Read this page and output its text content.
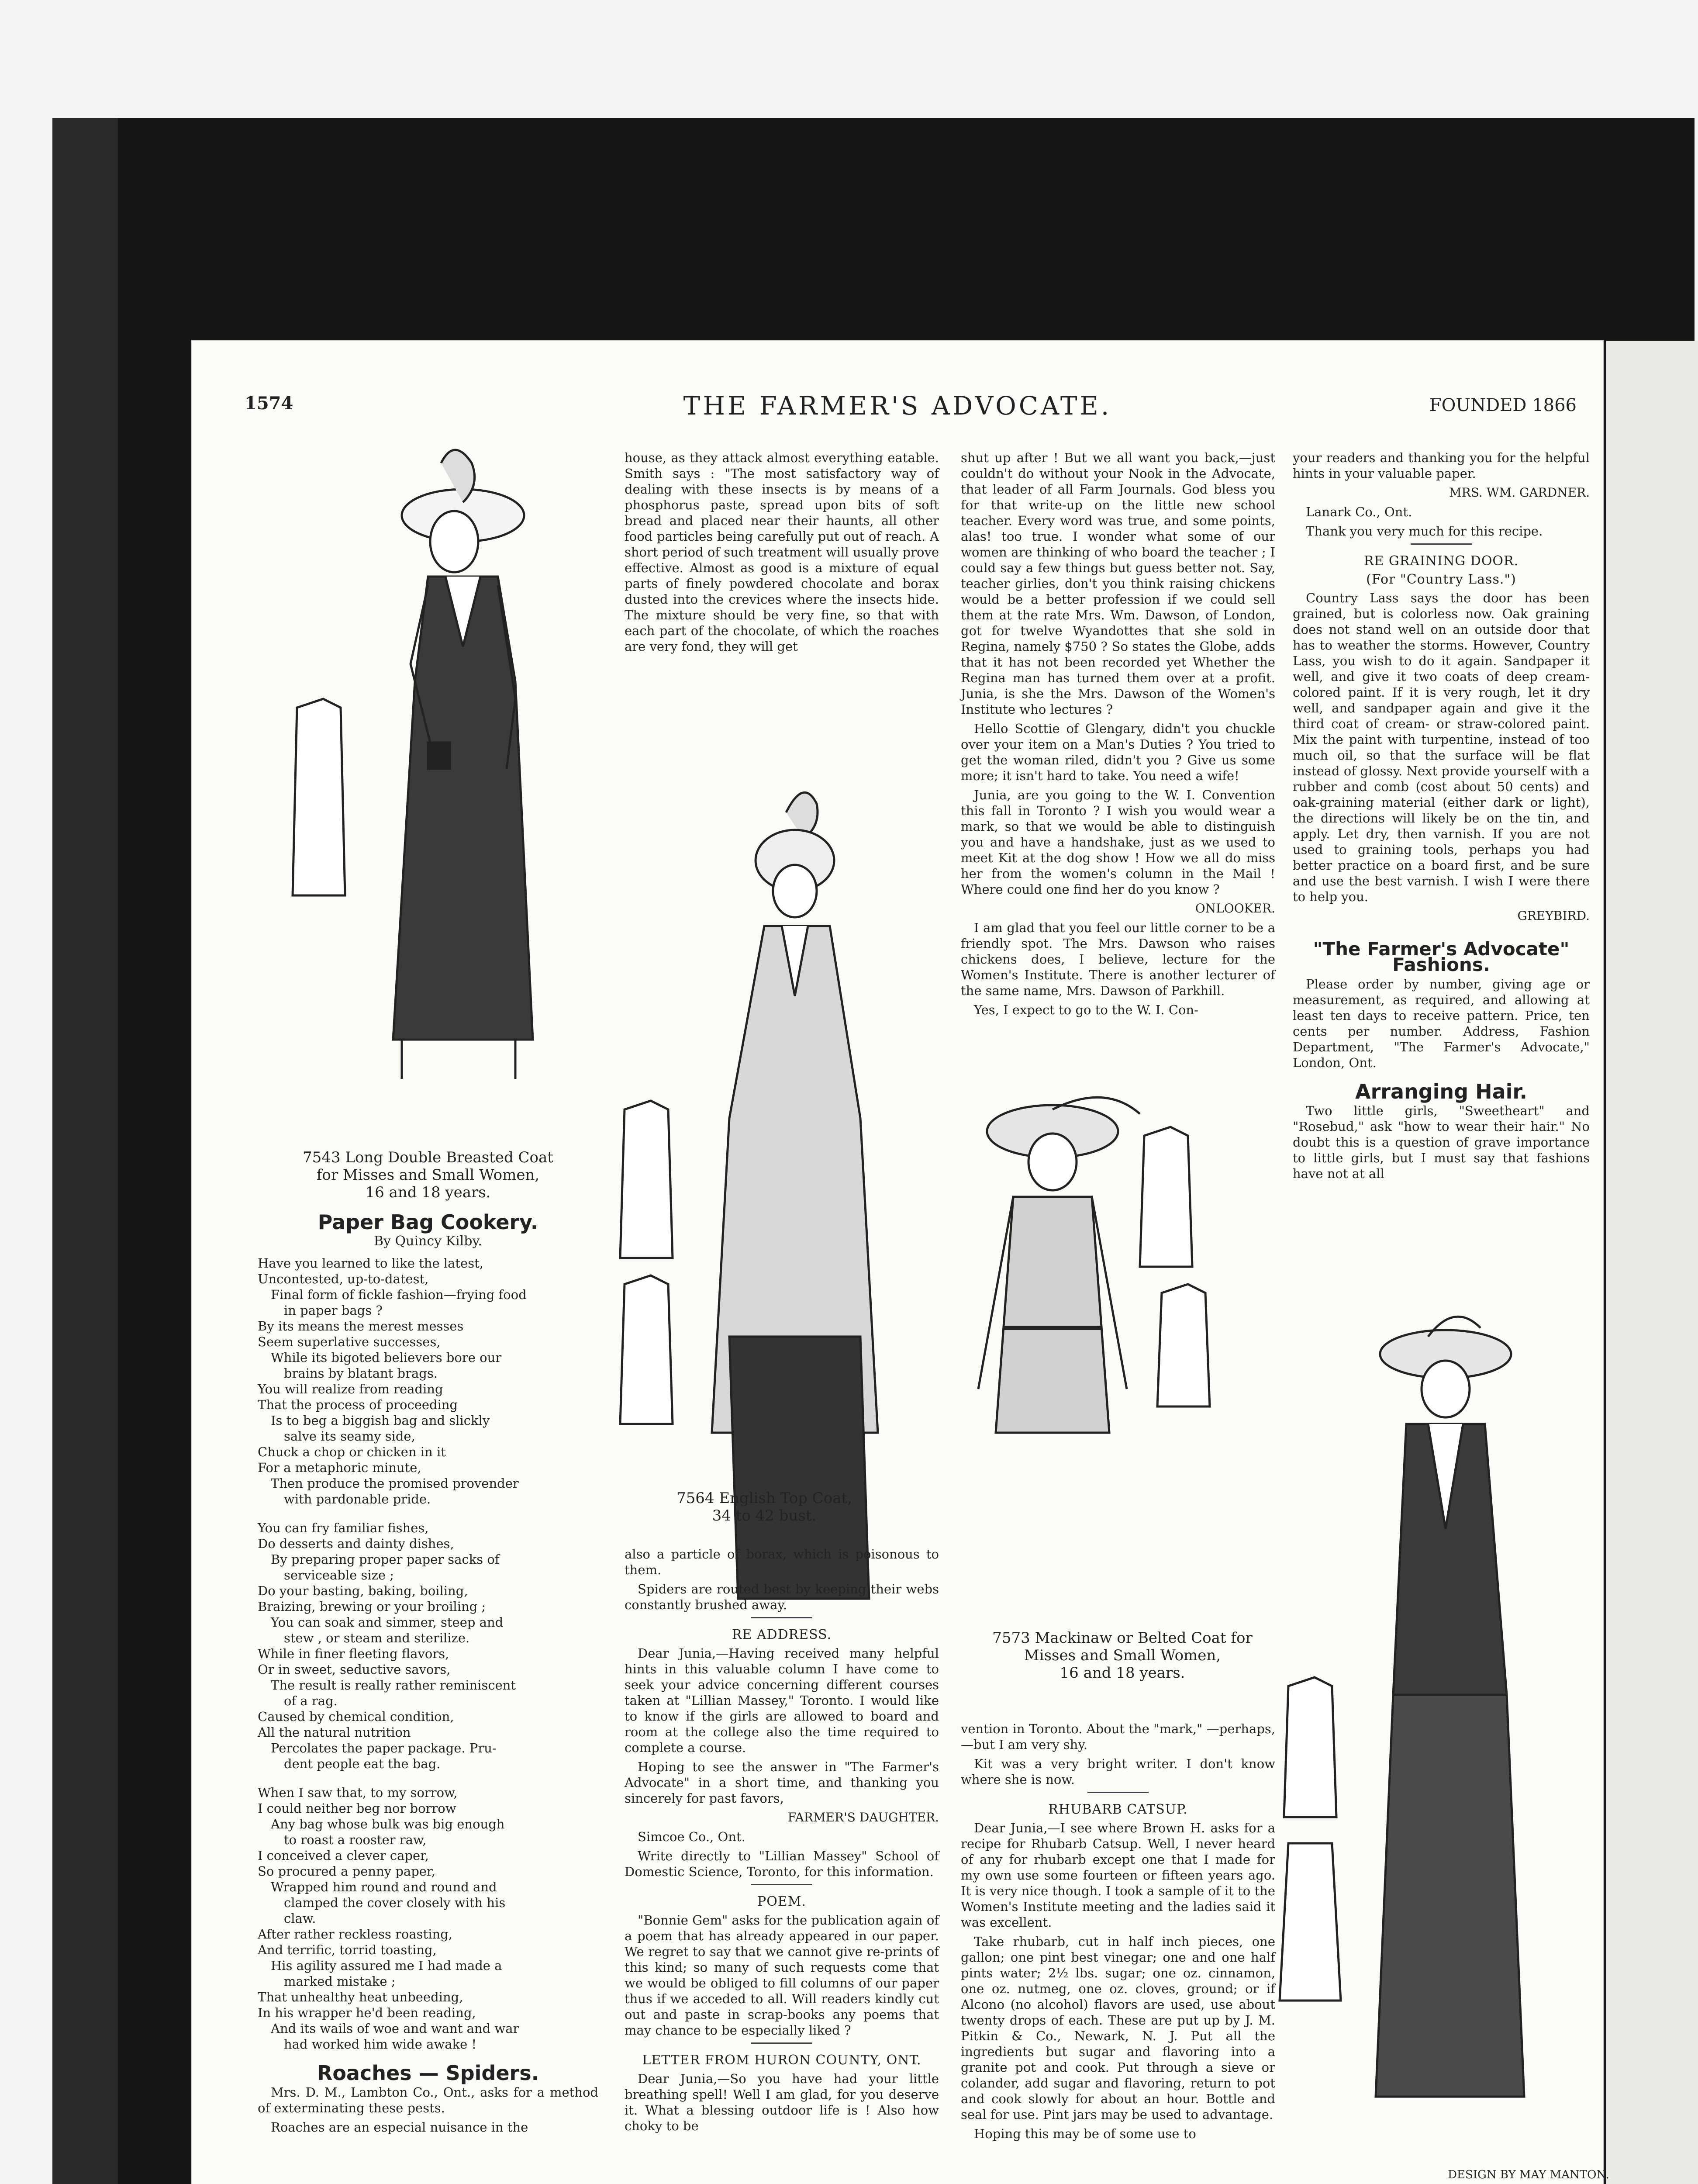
1574	THE FARMER'S ADVOCATE.	FOUNDED 1866
7543 Long Double Breasted Coat
for Misses and Small Women,
16 and 18 years.
Paper Bag Cookery.
By Quincy Kilby.
Have you learned to like the latest,
Uncontested, up-to-datest,
Final form of fickle fashion—frying food
in paper bags ?
By its means the merest messes
Seem superlative successes,
While its bigoted believers bore our
brains by blatant brags.
You will realize from reading
That the process of proceeding
Is to beg a biggish bag and slickly
salve its seamy side,
Chuck a chop or chicken in it
For a metaphoric minute,
Then produce the promised provender
with pardonable pride.
You can fry familiar fishes,
Do desserts and dainty dishes,
By preparing proper paper sacks of
serviceable size ;
Do your basting, baking, boiling,
Braizing, brewing or your broiling ;
You can soak and simmer, steep and
stew , or steam and sterilize.
While in finer fleeting flavors,
Or in sweet, seductive savors,
The result is really rather reminiscent
of a rag.
Caused by chemical condition,
All the natural nutrition
Percolates the paper package. Pru-
dent people eat the bag.
When I saw that, to my sorrow,
I could neither beg nor borrow
Any bag whose bulk was big enough
to roast a rooster raw,
I conceived a clever caper,
So procured a penny paper,
Wrapped him round and round and
clamped the cover closely with his
claw.
After rather reckless roasting,
And terrific, torrid toasting,
His agility assured me I had made a
marked mistake ;
That unhealthy heat unbeeding,
In his wrapper he'd been reading,
And its wails of woe and want and war
had worked him wide awake !
Roaches — Spiders.

Mrs. D. M., Lambton Co., Ont., asks for a method of exterminating these pests.

Roaches are an especial nuisance in the

house, as they attack almost everything eatable. Smith says : "The most satisfactory way of dealing with these insects is by means of a phosphorus paste, spread upon bits of soft bread and placed near their haunts, all other food particles being carefully put out of reach. A short period of such treatment will usually prove effective. Almost as good is a mixture of equal parts of finely powdered chocolate and borax dusted into the crevices where the insects hide. The mixture should be very fine, so that with each part of the chocolate, of which the roaches are very fond, they will get

7564 English Top Coat,
34 to 42 bust.

also a particle of borax, which is poisonous to them.

Spiders are routed best by keeping their webs constantly brushed away.

RE ADDRESS.

Dear Junia,—Having received many helpful hints in this valuable column I have come to seek your advice concerning different courses taken at "Lillian Massey," Toronto. I would like to know if the girls are allowed to board and room at the college also the time required to complete a course.

Hoping to see the answer in "The Farmer's Advocate" in a short time, and thanking you sincerely for past favors,

FARMER'S DAUGHTER.

Simcoe Co., Ont.

Write directly to "Lillian Massey" School of Domestic Science, Toronto, for this information.

POEM.

"Bonnie Gem" asks for the publication again of a poem that has already appeared in our paper. We regret to say that we cannot give re-prints of this kind; so many of such requests come that we would be obliged to fill columns of our paper thus if we acceded to all. Will readers kindly cut out and paste in scrap-books any poems that may chance to be especially liked ?

LETTER FROM HURON COUNTY, ONT.

Dear Junia,—So you have had your little breathing spell! Well I am glad, for you deserve it. What a blessing outdoor life is ! Also how choky to be

shut up after ! But we all want you back,—just couldn't do without your Nook in the Advocate, that leader of all Farm Journals. God bless you for that write-up on the little new school teacher. Every word was true, and some points, alas! too true. I wonder what some of our women are thinking of who board the teacher ; I could say a few things but guess better not. Say, teacher girlies, don't you think raising chickens would be a better profession if we could sell them at the rate Mrs. Wm. Dawson, of London, got for twelve Wyandottes that she sold in Regina, namely $750 ? So states the Globe, adds that it has not been recorded yet Whether the Regina man has turned them over at a profit. Junia, is she the Mrs. Dawson of the Women's Institute who lectures ?

Hello Scottie of Glengary, didn't you chuckle over your item on a Man's Duties ? You tried to get the woman riled, didn't you ? Give us some more; it isn't hard to take. You need a wife!

Junia, are you going to the W. I. Convention this fall in Toronto ? I wish you would wear a mark, so that we would be able to distinguish you and have a handshake, just as we used to meet Kit at the dog show ! How we all do miss her from the women's column in the Mail ! Where could one find her do you know ?

ONLOOKER.

I am glad that you feel our little corner to be a friendly spot. The Mrs. Dawson who raises chickens does, I believe, lecture for the Women's Institute. There is another lecturer of the same name, Mrs. Dawson of Parkhill.

Yes, I expect to go to the W. I. Con-

7573 Mackinaw or Belted Coat for
Misses and Small Women,
16 and 18 years.

vention in Toronto. About the "mark," —perhaps,—but I am very shy.

Kit was a very bright writer. I don't know where she is now.

RHUBARB CATSUP.

Dear Junia,—I see where Brown H. asks for a recipe for Rhubarb Catsup. Well, I never heard of any for rhubarb except one that I made for my own use some fourteen or fifteen years ago. It is very nice though. I took a sample of it to the Women's Institute meeting and the ladies said it was excellent.

Take rhubarb, cut in half inch pieces, one gallon; one pint best vinegar; one and one half pints water; 2½ lbs. sugar; one oz. cinnamon, one oz. nutmeg, one oz. cloves, ground; or if Alcono (no alcohol) flavors are used, use about twenty drops of each. These are put up by J. M. Pitkin & Co., Newark, N. J. Put all the ingredients but sugar and flavoring into a granite pot and cook. Put through a sieve or colander, add sugar and flavoring, return to pot and cook slowly for about an hour. Bottle and seal for use. Pint jars may be used to advantage.

Hoping this may be of some use to

your readers and thanking you for the helpful hints in your valuable paper.

MRS. WM. GARDNER.

Lanark Co., Ont.

Thank you very much for this recipe.

RE GRAINING DOOR.
(For "Country Lass.")

Country Lass says the door has been grained, but is colorless now. Oak graining does not stand well on an outside door that has to weather the storms. However, Country Lass, you wish to do it again. Sandpaper it well, and give it two coats of deep cream-colored paint. If it is very rough, let it dry well, and sandpaper again and give it the third coat of cream- or straw-colored paint. Mix the paint with turpentine, instead of too much oil, so that the surface will be flat instead of glossy. Next provide yourself with a rubber and comb (cost about 50 cents) and oak-graining material (either dark or light), the directions will likely be on the tin, and apply. Let dry, then varnish. If you are not used to graining tools, perhaps you had better practice on a board first, and be sure and use the best varnish. I wish I were there to help you.

GREYBIRD.
"The Farmer's Advocate" Fashions.

Please order by number, giving age or measurement, as required, and allowing at least ten days to receive pattern. Price, ten cents per number. Address, Fashion Department, "The Farmer's Advocate," London, Ont.

Arranging Hair.

Two little girls, "Sweetheart" and "Rosebud," ask "how to wear their hair." No doubt this is a question of grave importance to little girls, but I must say that fashions have not at all

DESIGN BY MAY MANTON.
